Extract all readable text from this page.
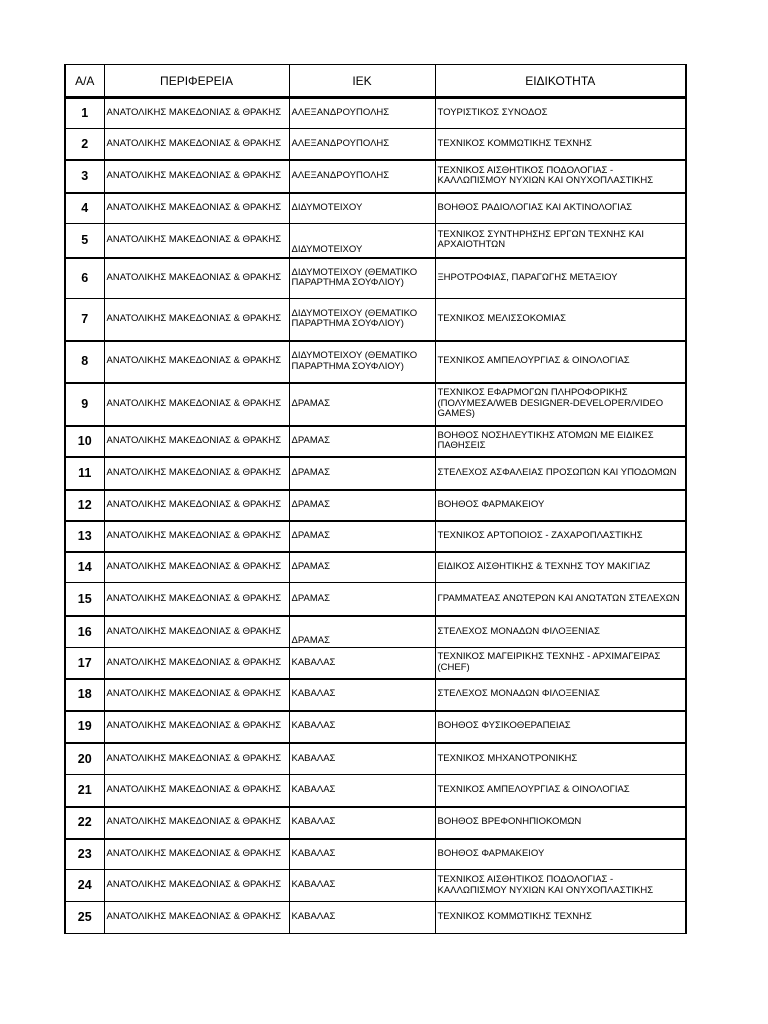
Α/Α	ΠΕΡΙΦΕΡΕΙΑ	ΙΕΚ	ΕΙΔΙΚΟΤΗΤΑ
1	ΑΝΑΤΟΛΙΚΗΣ ΜΑΚΕΔΟΝΙΑΣ & ΘΡΑΚΗΣ	ΑΛΕΞΑΝΔΡΟΥΠΟΛΗΣ	ΤΟΥΡΙΣΤΙΚΟΣ ΣΥΝΟΔΟΣ
2	ΑΝΑΤΟΛΙΚΗΣ ΜΑΚΕΔΟΝΙΑΣ & ΘΡΑΚΗΣ	ΑΛΕΞΑΝΔΡΟΥΠΟΛΗΣ	ΤΕΧΝΙΚΟΣ ΚΟΜΜΩΤΙΚΗΣ ΤΕΧΝΗΣ
3	ΑΝΑΤΟΛΙΚΗΣ ΜΑΚΕΔΟΝΙΑΣ & ΘΡΑΚΗΣ	ΑΛΕΞΑΝΔΡΟΥΠΟΛΗΣ	ΤΕΧΝΙΚΟΣ ΑΙΣΘΗΤΙΚΟΣ ΠΟΔΟΛΟΓΙΑΣ - ΚΑΛΛΩΠΙΣΜΟΥ ΝΥΧΙΩΝ ΚΑΙ ΟΝΥΧΟΠΛΑΣΤΙΚΗΣ
4	ΑΝΑΤΟΛΙΚΗΣ ΜΑΚΕΔΟΝΙΑΣ & ΘΡΑΚΗΣ	ΔΙΔΥΜΟΤΕΙΧΟΥ	ΒΟΗΘΟΣ ΡΑΔΙΟΛΟΓΙΑΣ ΚΑΙ ΑΚΤΙΝΟΛΟΓΙΑΣ
5	ΑΝΑΤΟΛΙΚΗΣ ΜΑΚΕΔΟΝΙΑΣ & ΘΡΑΚΗΣ	ΔΙΔΥΜΟΤΕΙΧΟΥ	ΤΕΧΝΙΚΟΣ ΣΥΝΤΗΡΗΣΗΣ ΕΡΓΩΝ ΤΕΧΝΗΣ ΚΑΙ ΑΡΧΑΙΟΤΗΤΩΝ
6	ΑΝΑΤΟΛΙΚΗΣ ΜΑΚΕΔΟΝΙΑΣ & ΘΡΑΚΗΣ	ΔΙΔΥΜΟΤΕΙΧΟΥ (ΘΕΜΑΤΙΚΟ ΠΑΡΑΡΤΗΜΑ ΣΟΥΦΛΙΟΥ)	ΞΗΡΟΤΡΟΦΙΑΣ, ΠΑΡΑΓΩΓΗΣ ΜΕΤΑΞΙΟΥ
7	ΑΝΑΤΟΛΙΚΗΣ ΜΑΚΕΔΟΝΙΑΣ & ΘΡΑΚΗΣ	ΔΙΔΥΜΟΤΕΙΧΟΥ (ΘΕΜΑΤΙΚΟ ΠΑΡΑΡΤΗΜΑ ΣΟΥΦΛΙΟΥ)	ΤΕΧΝΙΚΟΣ ΜΕΛΙΣΣΟΚΟΜΙΑΣ
8	ΑΝΑΤΟΛΙΚΗΣ ΜΑΚΕΔΟΝΙΑΣ & ΘΡΑΚΗΣ	ΔΙΔΥΜΟΤΕΙΧΟΥ (ΘΕΜΑΤΙΚΟ ΠΑΡΑΡΤΗΜΑ ΣΟΥΦΛΙΟΥ)	ΤΕΧΝΙΚΟΣ ΑΜΠΕΛΟΥΡΓΙΑΣ & ΟΙΝΟΛΟΓΙΑΣ
9	ΑΝΑΤΟΛΙΚΗΣ ΜΑΚΕΔΟΝΙΑΣ & ΘΡΑΚΗΣ	ΔΡΑΜΑΣ	ΤΕΧΝΙΚΟΣ ΕΦΑΡΜΟΓΩΝ ΠΛΗΡΟΦΟΡΙΚΗΣ (ΠΟΛΥΜΕΣΑ/WEB DESIGNER-DEVELOPER/VIDEO GAMES)
10	ΑΝΑΤΟΛΙΚΗΣ ΜΑΚΕΔΟΝΙΑΣ & ΘΡΑΚΗΣ	ΔΡΑΜΑΣ	ΒΟΗΘΟΣ ΝΟΣΗΛΕΥΤΙΚΗΣ ΑΤΟΜΩΝ ΜΕ ΕΙΔΙΚΕΣ ΠΑΘΗΣΕΙΣ
11	ΑΝΑΤΟΛΙΚΗΣ ΜΑΚΕΔΟΝΙΑΣ & ΘΡΑΚΗΣ	ΔΡΑΜΑΣ	ΣΤΕΛΕΧΟΣ ΑΣΦΑΛΕΙΑΣ ΠΡΟΣΩΠΩΝ ΚΑΙ ΥΠΟΔΟΜΩΝ
12	ΑΝΑΤΟΛΙΚΗΣ ΜΑΚΕΔΟΝΙΑΣ & ΘΡΑΚΗΣ	ΔΡΑΜΑΣ	ΒΟΗΘΟΣ ΦΑΡΜΑΚΕΙΟΥ
13	ΑΝΑΤΟΛΙΚΗΣ ΜΑΚΕΔΟΝΙΑΣ & ΘΡΑΚΗΣ	ΔΡΑΜΑΣ	ΤΕΧΝΙΚΟΣ ΑΡΤΟΠΟΙΟΣ - ΖΑΧΑΡΟΠΛΑΣΤΙΚΗΣ
14	ΑΝΑΤΟΛΙΚΗΣ ΜΑΚΕΔΟΝΙΑΣ & ΘΡΑΚΗΣ	ΔΡΑΜΑΣ	ΕΙΔΙΚΟΣ ΑΙΣΘΗΤΙΚΗΣ & ΤΕΧΝΗΣ ΤΟΥ ΜΑΚΙΓΙΑΖ
15	ΑΝΑΤΟΛΙΚΗΣ ΜΑΚΕΔΟΝΙΑΣ & ΘΡΑΚΗΣ	ΔΡΑΜΑΣ	ΓΡΑΜΜΑΤΕΑΣ ΑΝΩΤΕΡΩΝ ΚΑΙ ΑΝΩΤΑΤΩΝ ΣΤΕΛΕΧΩΝ
16	ΑΝΑΤΟΛΙΚΗΣ ΜΑΚΕΔΟΝΙΑΣ & ΘΡΑΚΗΣ	ΔΡΑΜΑΣ	ΣΤΕΛΕΧΟΣ ΜΟΝΑΔΩΝ ΦΙΛΟΞΕΝΙΑΣ
17	ΑΝΑΤΟΛΙΚΗΣ ΜΑΚΕΔΟΝΙΑΣ & ΘΡΑΚΗΣ	ΚΑΒΑΛΑΣ	ΤΕΧΝΙΚΟΣ ΜΑΓΕΙΡΙΚΗΣ ΤΕΧΝΗΣ - ΑΡΧΙΜΑΓΕΙΡΑΣ (CHEF)
18	ΑΝΑΤΟΛΙΚΗΣ ΜΑΚΕΔΟΝΙΑΣ & ΘΡΑΚΗΣ	ΚΑΒΑΛΑΣ	ΣΤΕΛΕΧΟΣ ΜΟΝΑΔΩΝ ΦΙΛΟΞΕΝΙΑΣ
19	ΑΝΑΤΟΛΙΚΗΣ ΜΑΚΕΔΟΝΙΑΣ & ΘΡΑΚΗΣ	ΚΑΒΑΛΑΣ	ΒΟΗΘΟΣ ΦΥΣΙΚΟΘΕΡΑΠΕΙΑΣ
20	ΑΝΑΤΟΛΙΚΗΣ ΜΑΚΕΔΟΝΙΑΣ & ΘΡΑΚΗΣ	ΚΑΒΑΛΑΣ	ΤΕΧΝΙΚΟΣ ΜΗΧΑΝΟΤΡΟΝΙΚΗΣ
21	ΑΝΑΤΟΛΙΚΗΣ ΜΑΚΕΔΟΝΙΑΣ & ΘΡΑΚΗΣ	ΚΑΒΑΛΑΣ	ΤΕΧΝΙΚΟΣ ΑΜΠΕΛΟΥΡΓΙΑΣ & ΟΙΝΟΛΟΓΙΑΣ
22	ΑΝΑΤΟΛΙΚΗΣ ΜΑΚΕΔΟΝΙΑΣ & ΘΡΑΚΗΣ	ΚΑΒΑΛΑΣ	ΒΟΗΘΟΣ ΒΡΕΦΟΝΗΠΙΟΚΟΜΩΝ
23	ΑΝΑΤΟΛΙΚΗΣ ΜΑΚΕΔΟΝΙΑΣ & ΘΡΑΚΗΣ	ΚΑΒΑΛΑΣ	ΒΟΗΘΟΣ ΦΑΡΜΑΚΕΙΟΥ
24	ΑΝΑΤΟΛΙΚΗΣ ΜΑΚΕΔΟΝΙΑΣ & ΘΡΑΚΗΣ	ΚΑΒΑΛΑΣ	ΤΕΧΝΙΚΟΣ ΑΙΣΘΗΤΙΚΟΣ ΠΟΔΟΛΟΓΙΑΣ - ΚΑΛΛΩΠΙΣΜΟΥ ΝΥΧΙΩΝ ΚΑΙ ΟΝΥΧΟΠΛΑΣΤΙΚΗΣ
25	ΑΝΑΤΟΛΙΚΗΣ ΜΑΚΕΔΟΝΙΑΣ & ΘΡΑΚΗΣ	ΚΑΒΑΛΑΣ	ΤΕΧΝΙΚΟΣ ΚΟΜΜΩΤΙΚΗΣ ΤΕΧΝΗΣ
